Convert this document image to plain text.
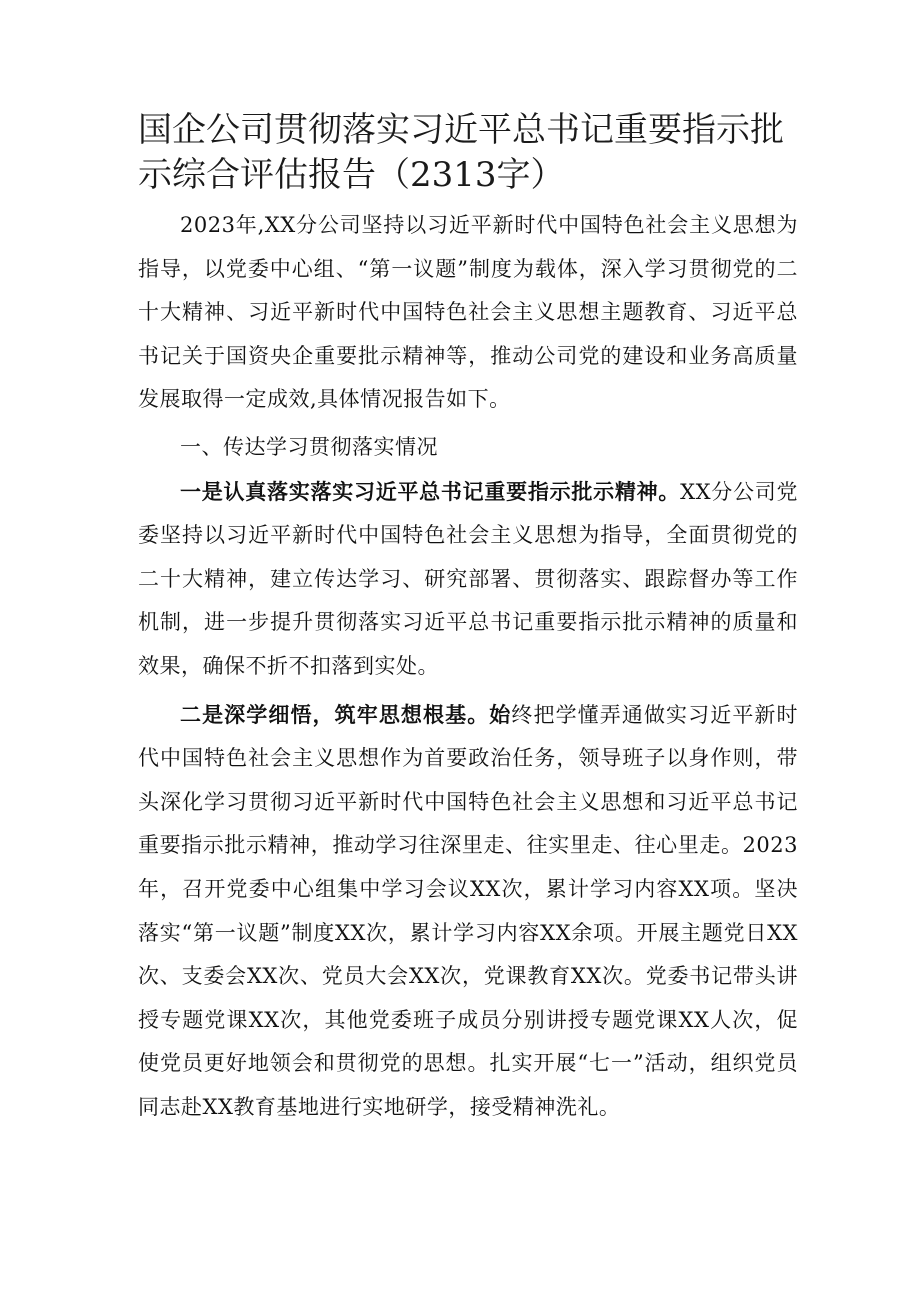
国企公司贯彻落实习近平总书记重要指示批示综合评估报告（2313字）

2023年,XX分公司坚持以习近平新时代中国特色社会主义思想为指导，以党委中心组、“第一议题”制度为载体，深入学习贯彻党的二十大精神、习近平新时代中国特色社会主义思想主题教育、习近平总书记关于国资央企重要批示精神等，推动公司党的建设和业务高质量发展取得一定成效,具体情况报告如下。

一、传达学习贯彻落实情况

一是认真落实落实习近平总书记重要指示批示精神。XX分公司党委坚持以习近平新时代中国特色社会主义思想为指导，全面贯彻党的二十大精神，建立传达学习、研究部署、贯彻落实、跟踪督办等工作机制，进一步提升贯彻落实习近平总书记重要指示批示精神的质量和效果，确保不折不扣落到实处。

二是深学细悟，筑牢思想根基。始终把学懂弄通做实习近平新时代中国特色社会主义思想作为首要政治任务，领导班子以身作则，带头深化学习贯彻习近平新时代中国特色社会主义思想和习近平总书记重要指示批示精神，推动学习往深里走、往实里走、往心里走。2023年，召开党委中心组集中学习会议XX次，累计学习内容XX项。坚决落实“第一议题”制度XX次，累计学习内容XX余项。开展主题党日XX次、支委会XX次、党员大会XX次，党课教育XX次。党委书记带头讲授专题党课XX次，其他党委班子成员分别讲授专题党课XX人次，促使党员更好地领会和贯彻党的思想。扎实开展“七一”活动，组织党员同志赴XX教育基地进行实地研学，接受精神洗礼。
